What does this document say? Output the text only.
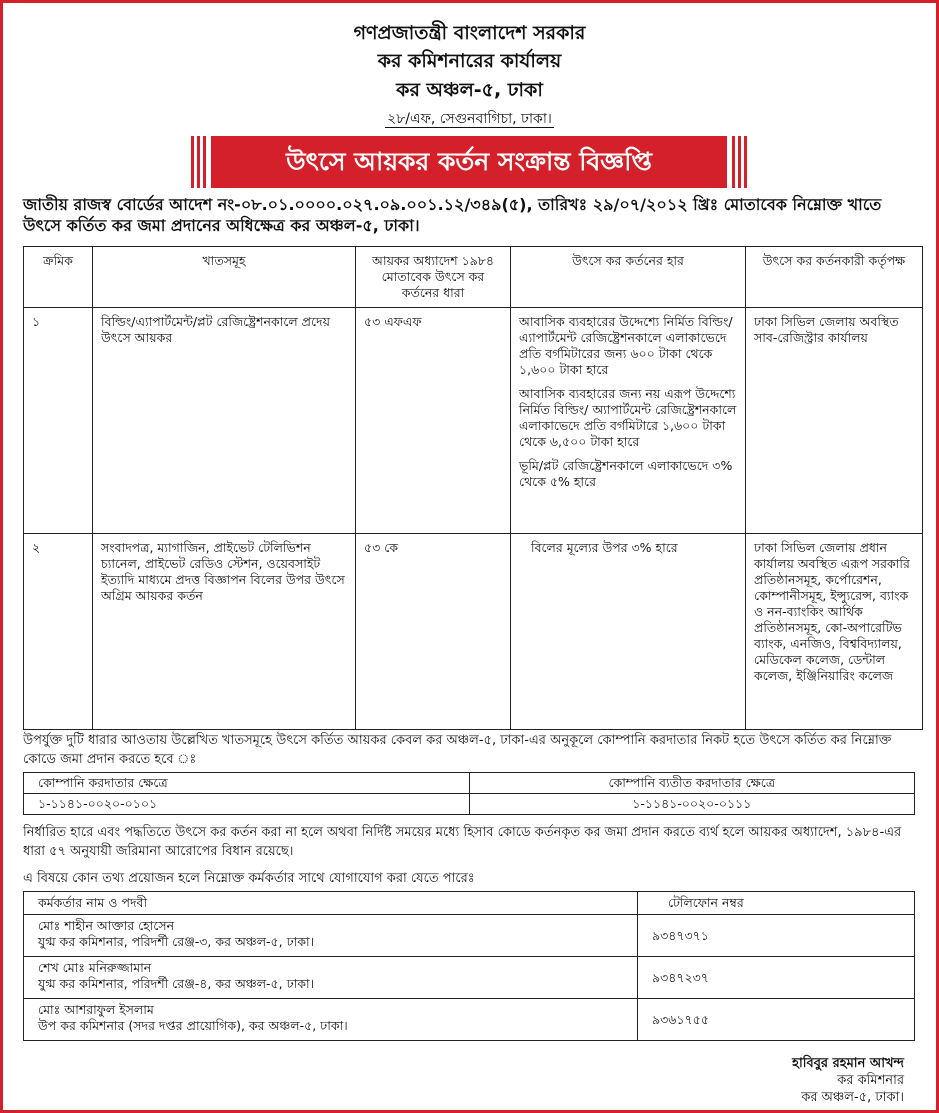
গণপ্রজাতন্ত্রী বাংলাদেশ সরকার
কর কমিশনারের কার্যালয়
কর অঞ্চল-৫, ঢাকা
২৮/এফ, সেগুনবাগিচা, ঢাকা।
উৎসে আয়কর কর্তন সংক্রান্ত বিজ্ঞপ্তি
জাতীয় রাজস্ব বোর্ডের আদেশ নং-০৮.০১.০০০০.০২৭.০৯.০০১.১২/৩৪৯(৫), তারিখঃ ২৯/০৭/২০১২ খ্রিঃ মোতাবেক নিম্নোক্ত খাতে উৎসে কর্তিত কর জমা প্রদানের অধিক্ষেত্র কর অঞ্চল-৫, ঢাকা।
ক্রমিক	খাতসমূহ	আয়কর অধ্যাদেশ ১৯৮৪ মোতাবেক উৎসে কর কর্তনের ধারা	উৎসে কর কর্তনের হার	উৎসে কর কর্তনকারী কর্তৃপক্ষ
১	বিল্ডিং/এ্যাপার্টমেন্ট/প্লট রেজিষ্ট্রেশনকালে প্রদেয় উৎসে আয়কর	৫৩ এফএফ	আবাসিক ব্যবহারের উদ্দেশ্যে নির্মিত বিল্ডিং/এ্যাপার্টমেন্ট রেজিষ্ট্রেশনকালে এলাকাভেদে প্রতি বর্গমিটারের জন্য ৬০০ টাকা থেকে ১,৬০০ টাকা হারে

আবাসিক ব্যবহারের জন্য নয় এরূপ উদ্দেশ্যে নির্মিত বিল্ডিং/ অ্যাপার্টমেন্ট রেজিষ্ট্রেশনকালে এলাকাভেদে প্রতি বর্গমিটারে ১,৬০০ টাকা থেকে ৬,৫০০ টাকা হারে

ভূমি/প্লট রেজিষ্ট্রেশনকালে এলাকাভেদে ৩% থেকে ৫% হারে	ঢাকা সিভিল জেলায় অবস্থিত সাব-রেজিস্ট্রার কার্যালয়
২	সংবাদপত্র, ম্যাগাজিন, প্রাইভেট টেলিভিশন চ্যানেল, প্রাইভেট রেডিও স্টেশন, ওয়েবসাইট ইত্যাদি মাধ্যমে প্রদত্ত বিজ্ঞাপন বিলের উপর উৎসে অগ্রিম আয়কর কর্তন	৫৩ কে	বিলের মূল্যের উপর ৩% হারে	ঢাকা সিভিল জেলায় প্রধান কার্যালয় অবস্থিত এরূপ সরকারি প্রতিষ্ঠানসমূহ, কর্পোরেশন, কোম্পানীসমূহ, ইন্স্যুরেন্স, ব্যাংক ও নন-ব্যাংকিং আর্থিক প্রতিষ্ঠানসমূহ, কো-অপারেটিভ ব্যাংক, এনজিও, বিশ্ববিদ্যালয়, মেডিকেল কলেজ, ডেন্টাল কলেজ, ইঞ্জিনিয়ারিং কলেজ
উপর্যুক্ত দুটি ধারার আওতায় উল্লেখিত খাতসমূহে উৎসে কর্তিত আয়কর কেবল কর অঞ্চল-৫, ঢাকা-এর অনুকূলে কোম্পানি করদাতার নিকট হতে উৎসে কর্তিত কর নিম্নোক্ত কোডে জমা প্রদান করতে হবে ঃ
কোম্পানি করদাতার ক্ষেত্রে	কোম্পানি ব্যতীত করদাতার ক্ষেত্রে
১-১১৪১-০০২০-০১০১	১-১১৪১-০০২০-০১১১
নির্ধারিত হারে এবং পদ্ধতিতে উৎসে কর কর্তন করা না হলে অথবা নির্দিষ্ট সময়ের মধ্যে হিসাব কোডে কর্তনকৃত কর জমা প্রদান করতে ব্যর্থ হলে আয়কর অধ্যাদেশ, ১৯৮৪-এর ধারা ৫৭ অনুযায়ী জরিমানা আরোপের বিধান রয়েছে।
এ বিষয়ে কোন তথ্য প্রয়োজন হলে নিম্নোক্ত কর্মকর্তার সাথে যোগাযোগ করা যেতে পারেঃ
কর্মকর্তার নাম ও পদবী	টেলিফোন নম্বর

মোঃ শাহীন আক্তার হোসেন
যুগ্ম কর কমিশনার, পরিদর্শী রেঞ্জ-৩, কর অঞ্চল-৫, ঢাকা।	৯৩৪৭৩৭১

শেখ মোঃ মনিরুজ্জামান
যুগ্ম কর কমিশনার, পরিদর্শী রেঞ্জ-৪, কর অঞ্চল-৫, ঢাকা।	৯৩৪৭২৩৭

মোঃ আশরাফুল ইসলাম
উপ কর কমিশনার (সদর দপ্তর প্রায়োগিক), কর অঞ্চল-৫, ঢাকা।	৯৩৬১৭৫৫
হাবিবুর রহমান আখন্দ
কর কমিশনার
কর অঞ্চল-৫, ঢাকা।
